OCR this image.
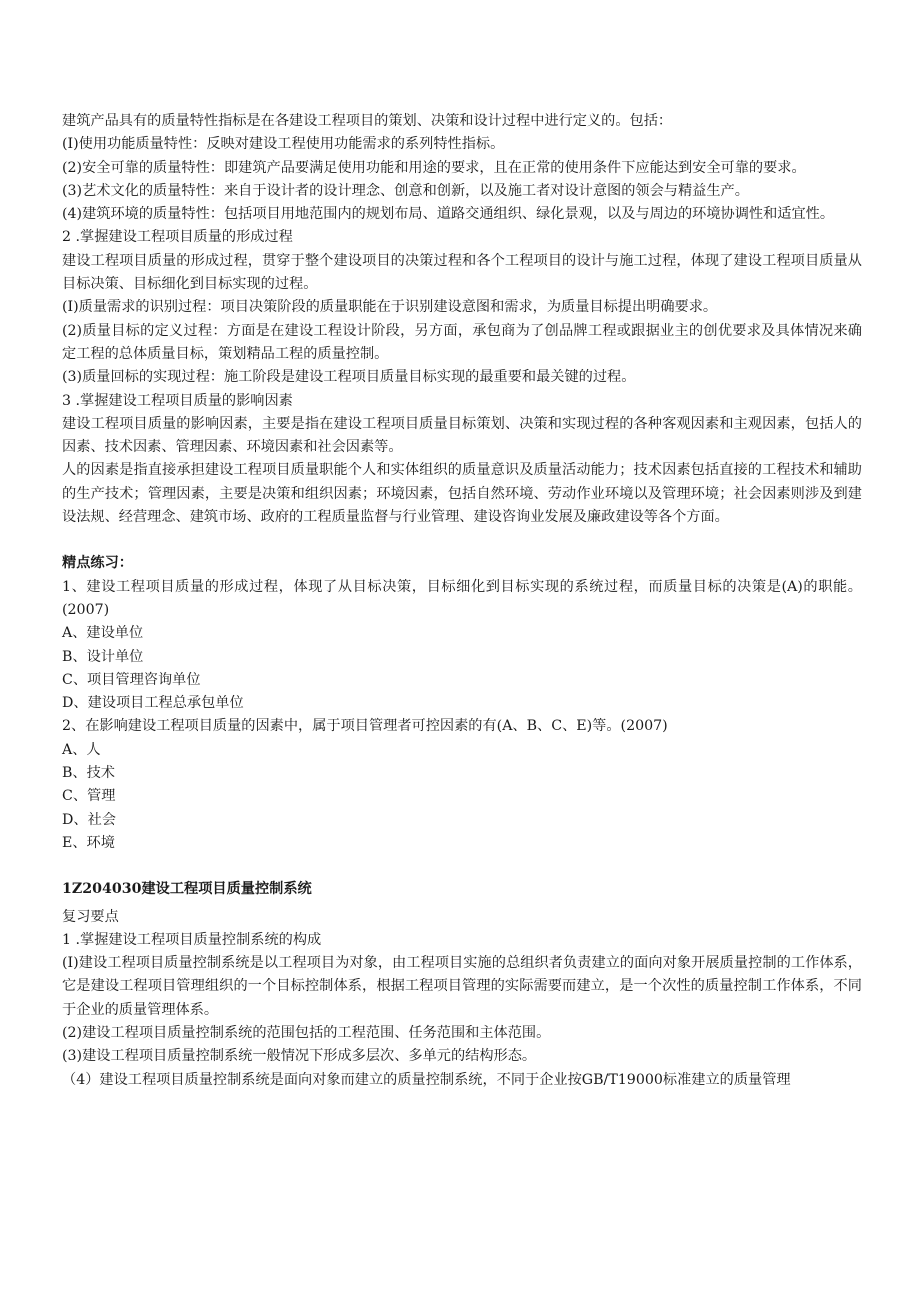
建筑产品具有的质量特性指标是在各建设工程项目的策划、决策和设计过程中进行定义的。包括：

(I)使用功能质量特性：反映对建设工程使用功能需求的系列特性指标。

(2)安全可靠的质量特性：即建筑产品要满足使用功能和用途的要求，且在正常的使用条件下应能达到安全可靠的要求。

(3)艺术文化的质量特性：来自于设计者的设计理念、创意和创新，以及施工者对设计意图的领会与精益生产。

(4)建筑环境的质量特性：包括项目用地范围内的规划布局、道路交通组织、绿化景观，以及与周边的环境协调性和适宜性。

2 .掌握建设工程项目质量的形成过程

建设工程项目质量的形成过程，贯穿于整个建设项目的决策过程和各个工程项目的设计与施工过程，体现了建设工程项目质量从目标决策、目标细化到目标实现的过程。

(I)质量需求的识别过程：项目决策阶段的质量职能在于识别建设意图和需求，为质量目标提出明确要求。

(2)质量目标的定义过程：方面是在建设工程设计阶段，另方面，承包商为了创品牌工程或跟据业主的创优要求及具体情况来确定工程的总体质量目标，策划精品工程的质量控制。

(3)质量回标的实现过程：施工阶段是建设工程项目质量目标实现的最重要和最关键的过程。

3 .掌握建设工程项目质量的影响因素

建设工程项目质量的影响因素，主要是指在建设工程项目质量目标策划、决策和实现过程的各种客观因素和主观因素，包括人的因素、技术因素、管理因素、环境因素和社会因素等。

人的因素是指直接承担建设工程项目质量职能个人和实体组织的质量意识及质量活动能力；技术因素包括直接的工程技术和辅助的生产技术；管理因素，主要是决策和组织因素；环境因素，包括自然环境、劳动作业环境以及管理环境；社会因素则涉及到建设法规、经营理念、建筑市场、政府的工程质量监督与行业管理、建设咨询业发展及廉政建设等各个方面。

精点练习：

1、建设工程项目质量的形成过程，体现了从目标决策，目标细化到目标实现的系统过程，而质量目标的决策是(A)的职能。(2007)

A、建设单位

B、设计单位

C、项目管理咨询单位

D、建设项目工程总承包单位

2、在影响建设工程项目质量的因素中，属于项目管理者可控因素的有(A、B、C、E)等。(2007)

A、人

B、技术

C、管理

D、社会

E、环境

1Z204030建设工程项目质量控制系统

复习要点

1 .掌握建设工程项目质量控制系统的构成

(I)建设工程项目质量控制系统是以工程项目为对象，由工程项目实施的总组织者负责建立的面向对象开展质量控制的工作体系，它是建设工程项目管理组织的一个目标控制体系，根据工程项目管理的实际需要而建立，是一个次性的质量控制工作体系，不同于企业的质量管理体系。

(2)建设工程项目质量控制系统的范围包括的工程范围、任务范围和主体范围。

(3)建设工程项目质量控制系统一般情况下形成多层次、多单元的结构形态。

（4）建设工程项目质量控制系统是面向对象而建立的质量控制系统，不同于企业按GB/T19000标准建立的质量管理
